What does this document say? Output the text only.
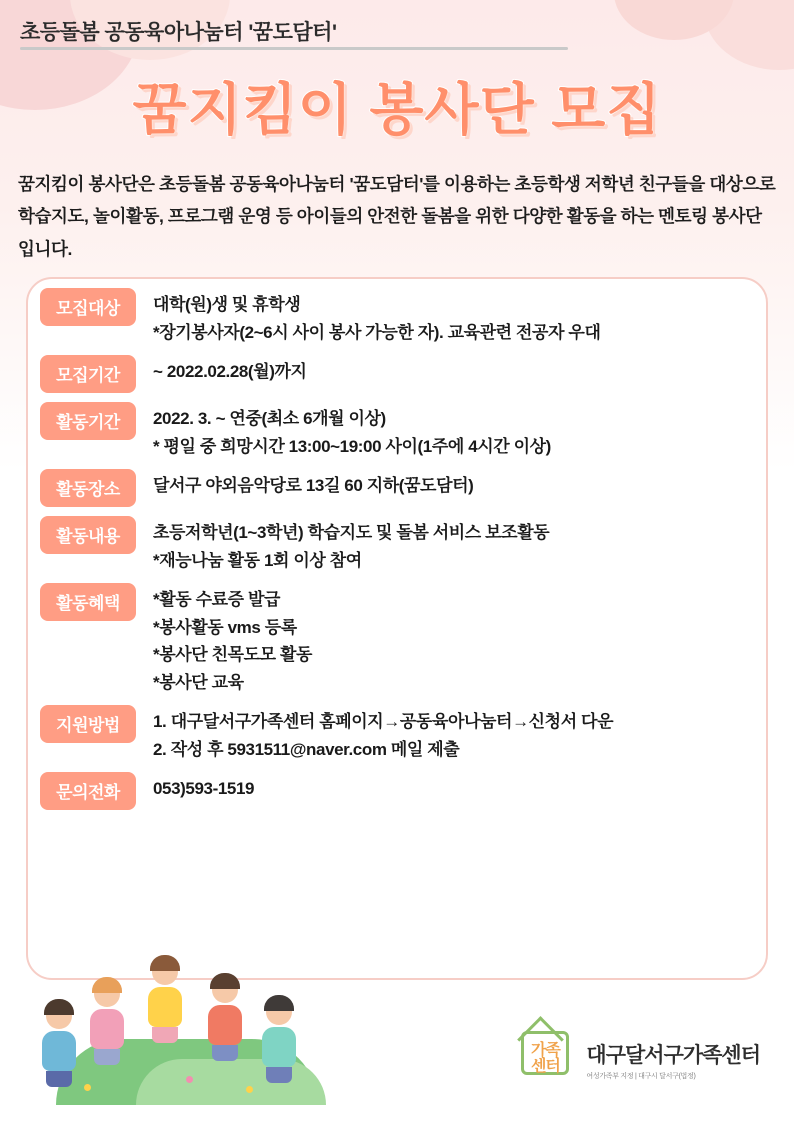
초등돌봄 공동육아나눔터 '꿈도담터'
꿈지킴이 봉사단 모집
꿈지킴이 봉사단은 초등돌봄 공동육아나눔터 '꿈도담터'를 이용하는 초등학생 저학년 친구들을 대상으로 학습지도, 놀이활동, 프로그램 운영 등 아이들의 안전한 돌봄을 위한 다양한 활동을 하는 멘토링 봉사단 입니다.
모집대상	대학(원)생 및 휴학생
*장기봉사자(2~6시 사이 봉사 가능한 자). 교육관련 전공자 우대
모집기간	~ 2022.02.28(월)까지
활동기간	2022. 3. ~ 연중(최소 6개월 이상)
* 평일 중 희망시간 13:00~19:00 사이(1주에 4시간 이상)
활동장소	달서구 야외음악당로 13길 60 지하(꿈도담터)
활동내용	초등저학년(1~3학년) 학습지도 및 돌봄 서비스 보조활동
*재능나눔 활동 1회 이상 참여
활동혜택	*활동 수료증 발급
*봉사활동 vms 등록
*봉사단 친목도모 활동
*봉사단 교육
지원방법	1. 대구달서구가족센터 홈페이지→공동육아나눔터→신청서 다운
2. 작성 후 5931511@naver.com 메일 제출
문의전화	053)593-1519
가족
센터	대구달서구가족센터
여성가족부 지정 | 대구시 달서구(법정)
